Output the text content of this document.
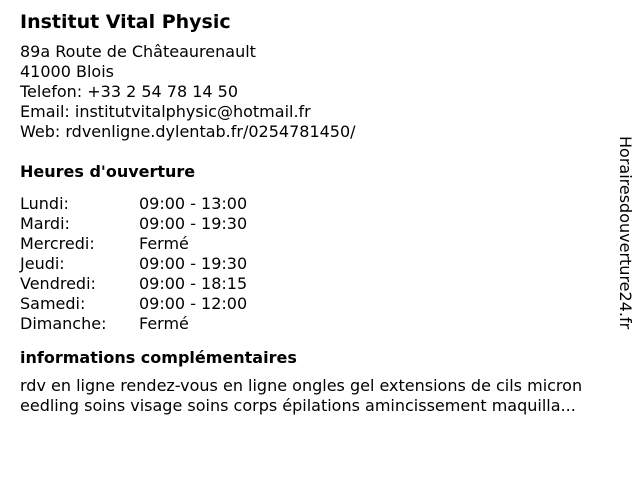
Institut Vital Physic
89a Route de Châteaurenault
41000 Blois
Telefon: +33 2 54 78 14 50
Email: institutvitalphysic@hotmail.fr
Web: rdvenligne.dylentab.fr/0254781450/
Heures d'ouverture
Lundi:	09:00 - 13:00
Mardi:	09:00 - 19:30
Mercredi:	Fermé
Jeudi:	09:00 - 19:30
Vendredi:	09:00 - 18:15
Samedi:	09:00 - 12:00
Dimanche:	Fermé
informations complémentaires
rdv en ligne rendez-vous en ligne ongles gel extensions de cils micron
eedling soins visage soins corps épilations amincissement maquilla...
Horairesdouverture24.fr
